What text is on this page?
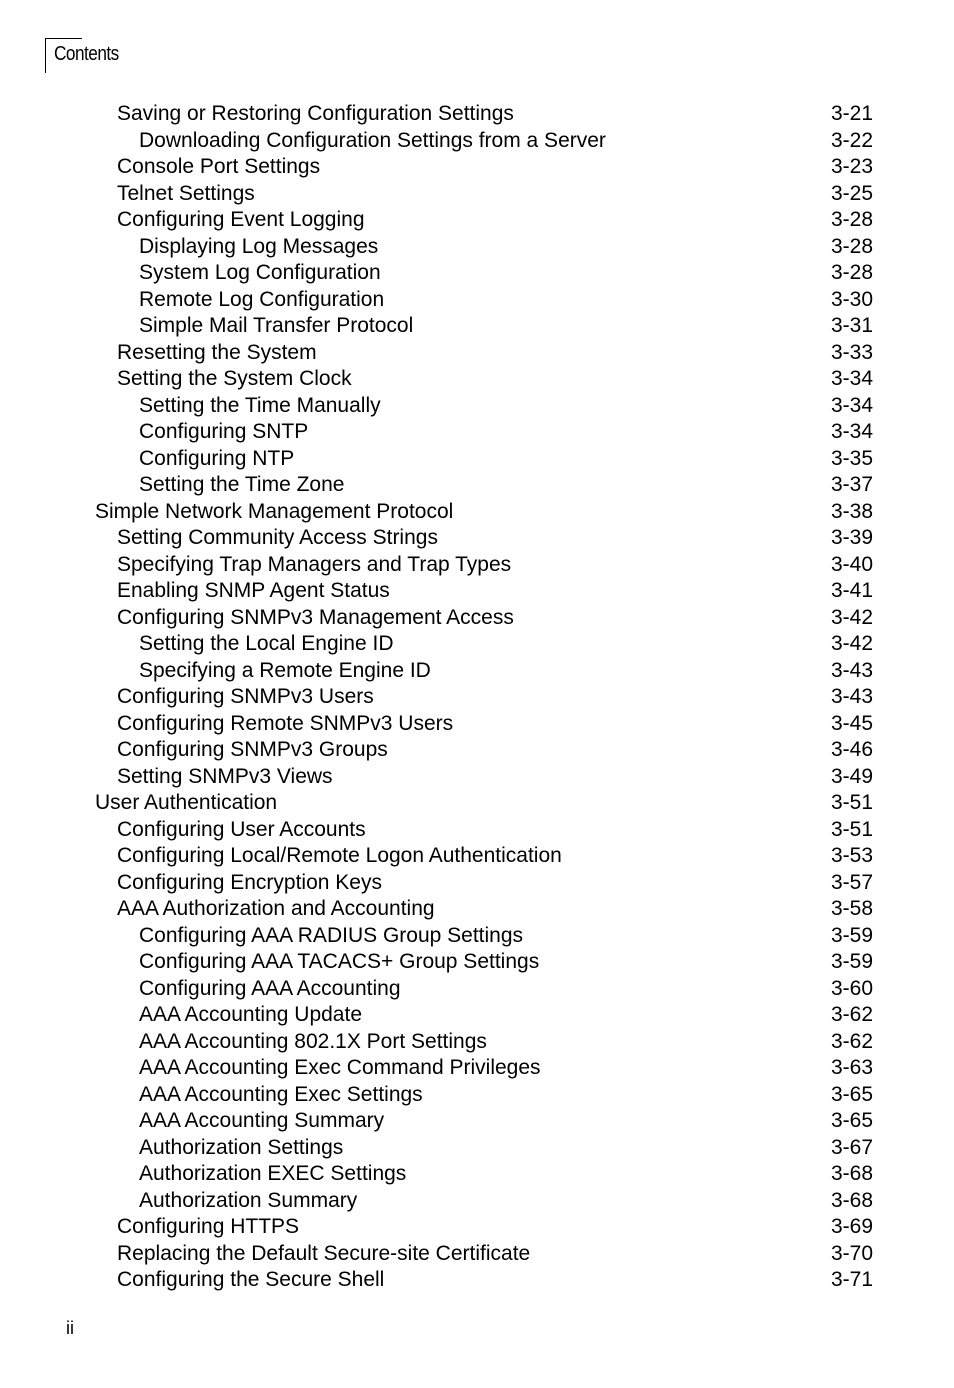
Contents
Saving or Restoring Configuration Settings	3-21
Downloading Configuration Settings from a Server	3-22
Console Port Settings	3-23
Telnet Settings	3-25
Configuring Event Logging	3-28
Displaying Log Messages	3-28
System Log Configuration	3-28
Remote Log Configuration	3-30
Simple Mail Transfer Protocol	3-31
Resetting the System	3-33
Setting the System Clock	3-34
Setting the Time Manually	3-34
Configuring SNTP	3-34
Configuring NTP	3-35
Setting the Time Zone	3-37
Simple Network Management Protocol	3-38
Setting Community Access Strings	3-39
Specifying Trap Managers and Trap Types	3-40
Enabling SNMP Agent Status	3-41
Configuring SNMPv3 Management Access	3-42
Setting the Local Engine ID	3-42
Specifying a Remote Engine ID	3-43
Configuring SNMPv3 Users	3-43
Configuring Remote SNMPv3 Users	3-45
Configuring SNMPv3 Groups	3-46
Setting SNMPv3 Views	3-49
User Authentication	3-51
Configuring User Accounts	3-51
Configuring Local/Remote Logon Authentication	3-53
Configuring Encryption Keys	3-57
AAA Authorization and Accounting	3-58
Configuring AAA RADIUS Group Settings	3-59
Configuring AAA TACACS+ Group Settings	3-59
Configuring AAA Accounting	3-60
AAA Accounting Update	3-62
AAA Accounting 802.1X Port Settings	3-62
AAA Accounting Exec Command Privileges	3-63
AAA Accounting Exec Settings	3-65
AAA Accounting Summary	3-65
Authorization Settings	3-67
Authorization EXEC Settings	3-68
Authorization Summary	3-68
Configuring HTTPS	3-69
Replacing the Default Secure-site Certificate	3-70
Configuring the Secure Shell	3-71
ii
